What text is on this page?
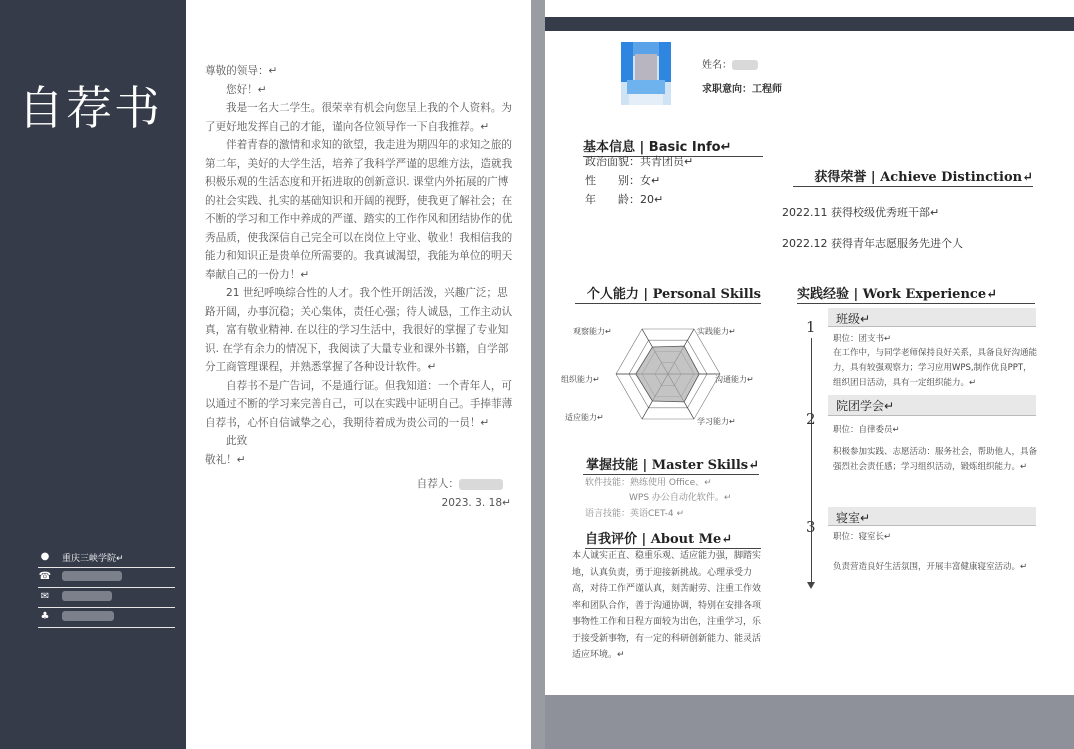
自荐书
● 重庆三峡学院↵
☎
✉
♣

尊敬的领导：↵

您好！↵

我是一名大二学生。很荣幸有机会向您呈上我的个人资料。为了更好地发挥自己的才能，谨向各位领导作一下自我推荐。↵

伴着青春的激情和求知的欲望，我走进为期四年的求知之旅的第二年，美好的大学生活，培养了我科学严谨的思维方法，造就我积极乐观的生活态度和开拓进取的创新意识. 课堂内外拓展的广博的社会实践、扎实的基础知识和开阔的视野，使我更了解社会；在不断的学习和工作中养成的严谨、踏实的工作作风和团结协作的优秀品质，使我深信自己完全可以在岗位上守业、敬业！我相信我的能力和知识正是贵单位所需要的。我真诚渴望，我能为单位的明天奉献自己的一份力！↵

21 世纪呼唤综合性的人才。我个性开朗活泼，兴趣广泛；思路开阔，办事沉稳；关心集体，责任心强；待人诚恳，工作主动认真，富有敬业精神. 在以往的学习生活中，我很好的掌握了专业知识. 在学有余力的情况下，我阅读了大量专业和课外书籍，自学部分工商管理课程，并熟悉掌握了各种设计软件。↵

自荐书不是广告词，不是通行证。但我知道：一个青年人，可以通过不断的学习来完善自己，可以在实践中证明自己。手捧菲薄自荐书，心怀自信诚挚之心，我期待着成为贵公司的一员！↵

此致

敬礼！↵

自荐人：

2023. 3. 18↵

姓名：
求职意向：工程师
基本信息 | Basic Info↵
政治面貌：共青团员↵
性　　别：女↵
年　　龄：20↵
获得荣誉 | Achieve Distinction↵
2022.11 获得校级优秀班干部↵
2022.12 获得青年志愿服务先进个人
个人能力 | Personal Skills
实践能力↵
沟通能力↵
学习能力↵
适应能力↵
组织能力↵
观察能力↵
掌握技能 | Master Skills↵
软件技能：熟练使用 Office、↵
WPS 办公自动化软件。↵
语言技能：英语CET-4 ↵
自我评价 | About Me↵
本人诚实正直、稳重乐观、适应能力强，脚踏实地，认真负责，勇于迎接新挑战。心理承受力高，对待工作严谨认真，刻苦耐劳、注重工作效率和团队合作，善于沟通协调，特别在安排各项事物性工作和日程方面较为出色，注重学习，乐于接受新事物，有一定的科研创新能力、能灵活适应环境。↵
实践经验 | Work Experience↵
1 班级↵
职位：团支书↵
在工作中，与同学老师保持良好关系，具备良好沟通能力，具有较强观察力；学习应用WPS,制作优良PPT，组织团日活动，具有一定组织能力。↵
2
院团学会↵
职位：自律委员↵
积极参加实践、志愿活动：服务社会，帮助他人，具备强烈社会责任感；学习组织活动，锻炼组织能力。↵
3 寝室↵
职位：寝室长↵
负责营造良好生活氛围，开展丰富健康寝室活动。↵
